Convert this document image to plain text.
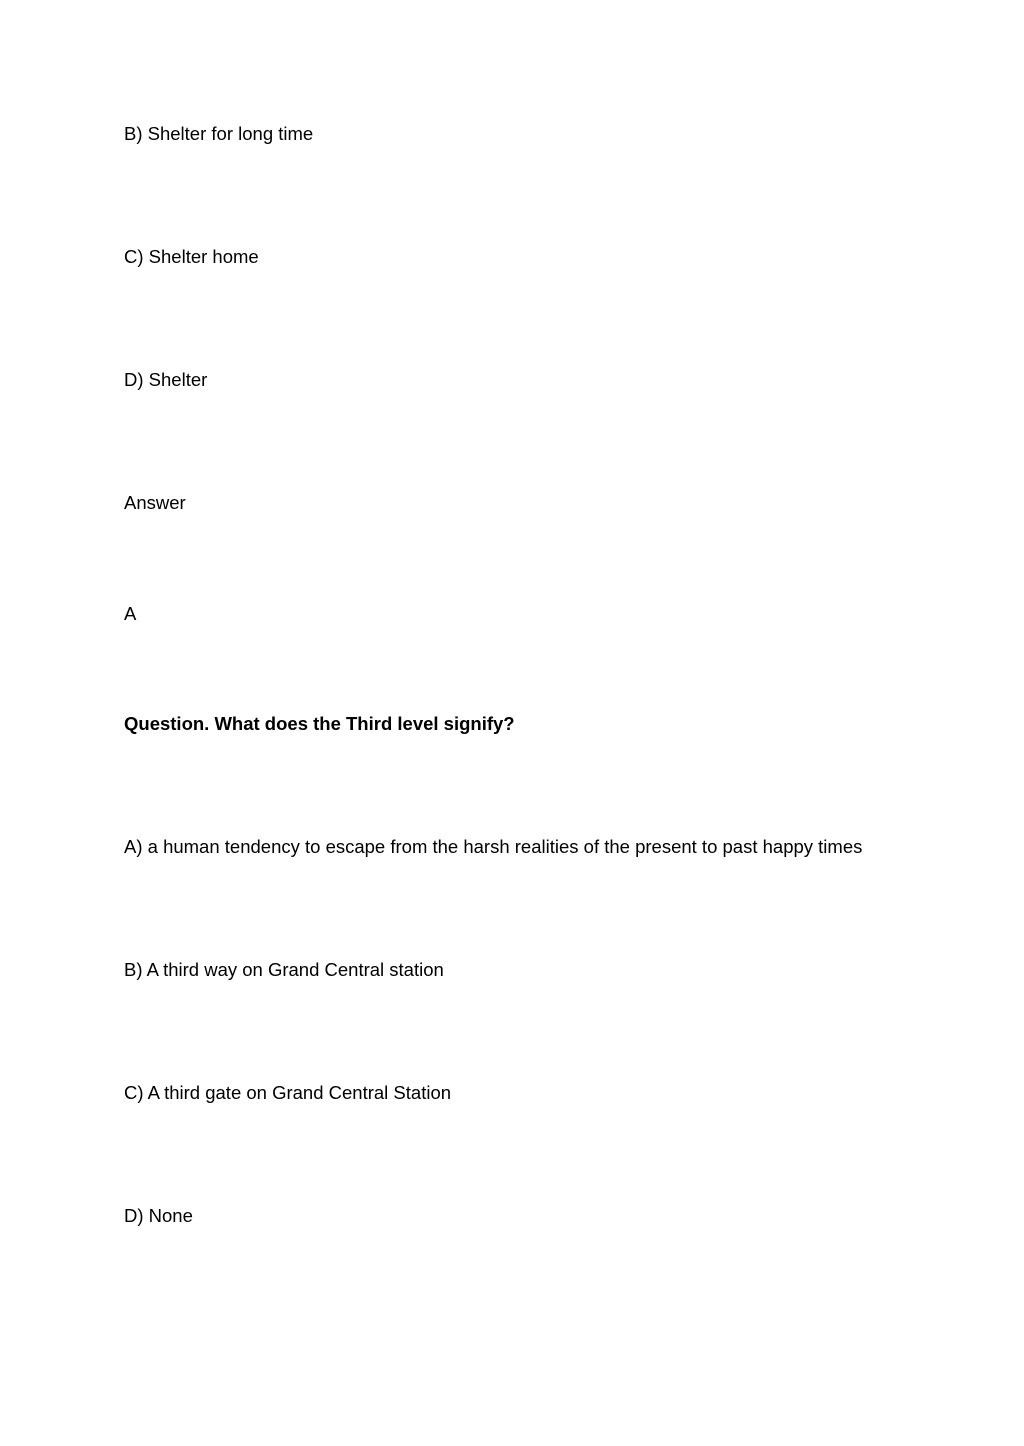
B) Shelter for long time
C) Shelter home
D) Shelter
Answer
A
Question. What does the Third level signify?
A) a human tendency to escape from the harsh realities of the present to past happy times
B) A third way on Grand Central station
C) A third gate on Grand Central Station
D) None
